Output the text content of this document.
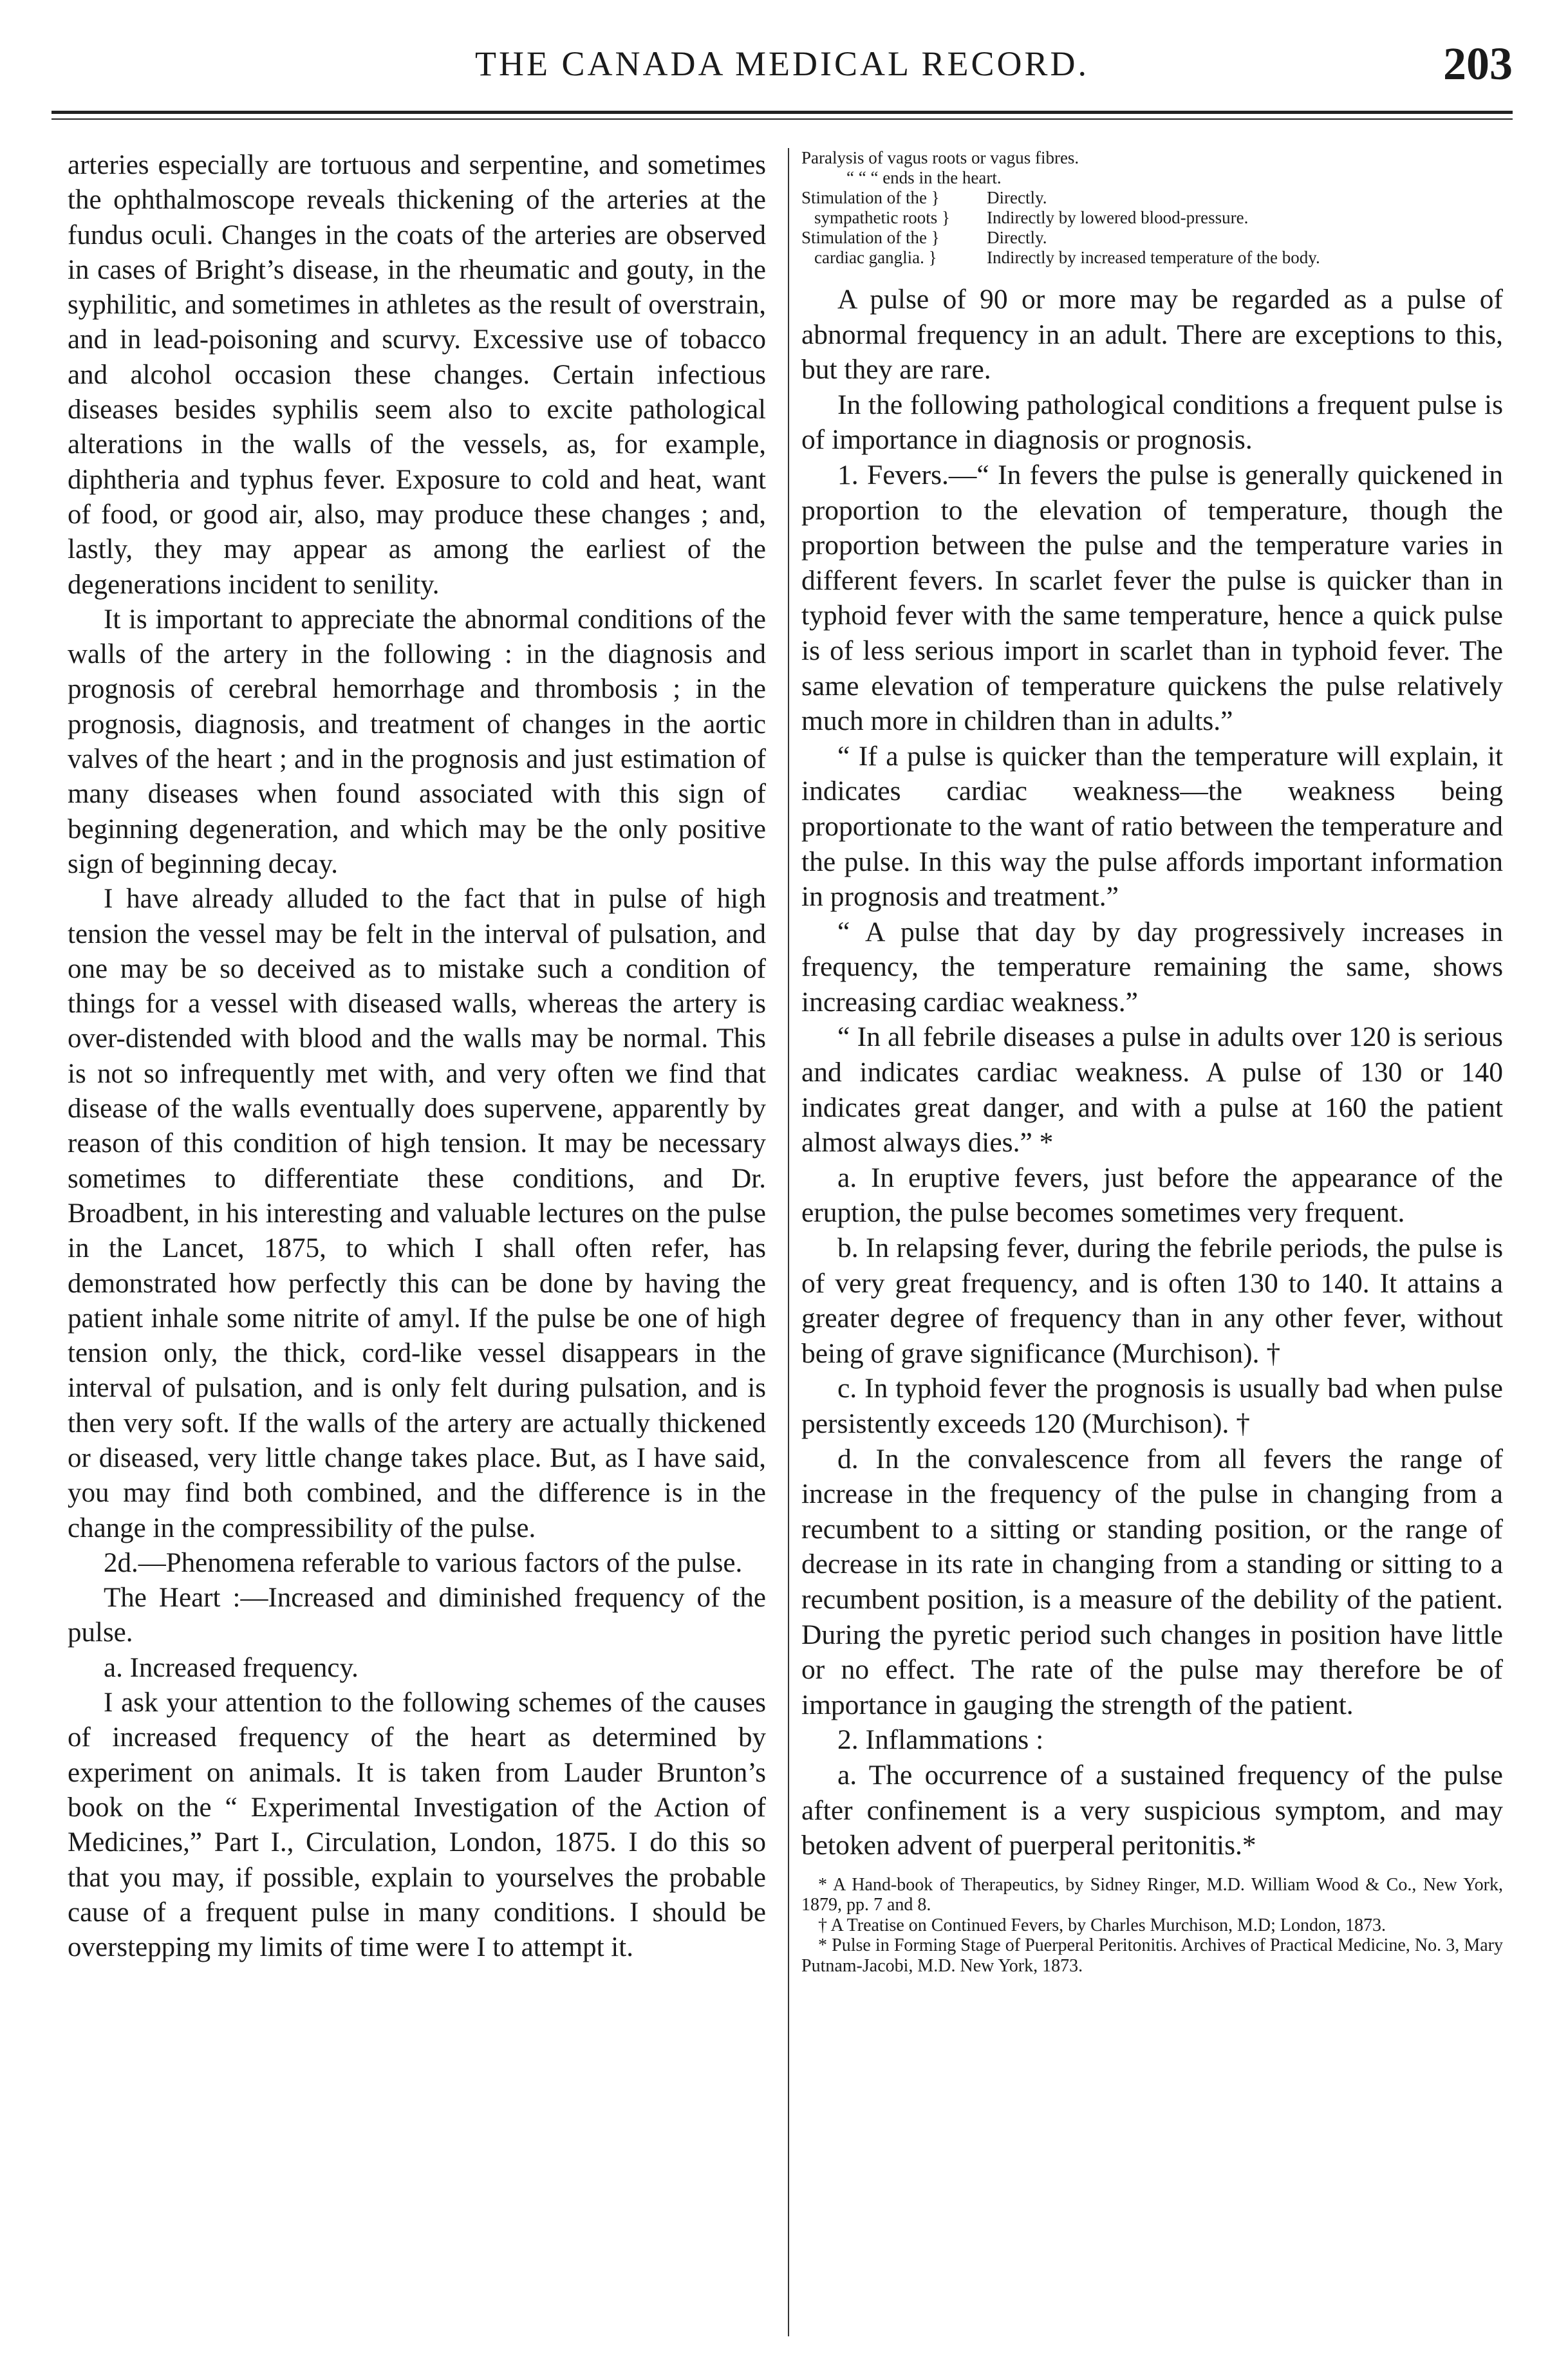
THE CANADA MEDICAL RECORD.	203

arteries especially are tortuous and serpentine, and sometimes the ophthalmoscope reveals thickening of the arteries at the fundus oculi. Changes in the coats of the arteries are observed in cases of Bright’s disease, in the rheumatic and gouty, in the syphilitic, and sometimes in athletes as the result of overstrain, and in lead-poisoning and scurvy. Excessive use of tobacco and alcohol occasion these changes. Certain infectious diseases besides syphilis seem also to excite pathological alterations in the walls of the vessels, as, for example, diphtheria and typhus fever. Exposure to cold and heat, want of food, or good air, also, may produce these changes ; and, lastly, they may appear as among the earliest of the degenerations incident to senility.

It is important to appreciate the abnormal conditions of the walls of the artery in the following : in the diagnosis and prognosis of cerebral hemorrhage and thrombosis ; in the prognosis, diagnosis, and treatment of changes in the aortic valves of the heart ; and in the prognosis and just estimation of many diseases when found associated with this sign of beginning degeneration, and which may be the only positive sign of beginning decay.

I have already alluded to the fact that in pulse of high tension the vessel may be felt in the interval of pulsation, and one may be so deceived as to mistake such a condition of things for a vessel with diseased walls, whereas the artery is over-distended with blood and the walls may be normal. This is not so infrequently met with, and very often we find that disease of the walls eventually does supervene, apparently by reason of this condition of high tension. It may be necessary sometimes to differentiate these conditions, and Dr. Broadbent, in his interesting and valuable lectures on the pulse in the Lancet, 1875, to which I shall often refer, has demonstrated how perfectly this can be done by having the patient inhale some nitrite of amyl. If the pulse be one of high tension only, the thick, cord-like vessel disappears in the interval of pulsation, and is only felt during pulsation, and is then very soft. If the walls of the artery are actually thickened or diseased, very little change takes place. But, as I have said, you may find both combined, and the difference is in the change in the compressibility of the pulse.

2d.—Phenomena referable to various factors of the pulse.

The Heart :—Increased and diminished frequency of the pulse.

a. Increased frequency.

I ask your attention to the following schemes of the causes of increased frequency of the heart as determined by experiment on animals. It is taken from Lauder Brunton’s book on the “ Experimental Investigation of the Action of Medicines,” Part I., Circulation, London, 1875. I do this so that you may, if possible, explain to yourselves the probable cause of a frequent pulse in many conditions. I should be overstepping my limits of time were I to attempt it.

Paralysis of vagus roots or vagus fibres.
“ “ “ ends in the heart.
Stimulation of the }	Directly.
sympathetic roots }	Indirectly by lowered blood-pressure.
Stimulation of the }	Directly.
cardiac ganglia. }	Indirectly by increased temperature of the body.

A pulse of 90 or more may be regarded as a pulse of abnormal frequency in an adult. There are exceptions to this, but they are rare.

In the following pathological conditions a frequent pulse is of importance in diagnosis or prognosis.

1. Fevers.—“ In fevers the pulse is generally quickened in proportion to the elevation of temperature, though the proportion between the pulse and the temperature varies in different fevers. In scarlet fever the pulse is quicker than in typhoid fever with the same temperature, hence a quick pulse is of less serious import in scarlet than in typhoid fever. The same elevation of temperature quickens the pulse relatively much more in children than in adults.”

“ If a pulse is quicker than the temperature will explain, it indicates cardiac weakness—the weakness being proportionate to the want of ratio between the temperature and the pulse. In this way the pulse affords important information in prognosis and treatment.”

“ A pulse that day by day progressively increases in frequency, the temperature remaining the same, shows increasing cardiac weakness.”

“ In all febrile diseases a pulse in adults over 120 is serious and indicates cardiac weakness. A pulse of 130 or 140 indicates great danger, and with a pulse at 160 the patient almost always dies.” *

a. In eruptive fevers, just before the appearance of the eruption, the pulse becomes sometimes very frequent.

b. In relapsing fever, during the febrile periods, the pulse is of very great frequency, and is often 130 to 140. It attains a greater degree of frequency than in any other fever, without being of grave significance (Murchison). †

c. In typhoid fever the prognosis is usually bad when pulse persistently exceeds 120 (Murchison). †

d. In the convalescence from all fevers the range of increase in the frequency of the pulse in changing from a recumbent to a sitting or standing position, or the range of decrease in its rate in changing from a standing or sitting to a recumbent position, is a measure of the debility of the patient. During the pyretic period such changes in position have little or no effect. The rate of the pulse may therefore be of importance in gauging the strength of the patient.

2. Inflammations :

a. The occurrence of a sustained frequency of the pulse after confinement is a very suspicious symptom, and may betoken advent of puerperal peritonitis.*

* A Hand-book of Therapeutics, by Sidney Ringer, M.D. William Wood & Co., New York, 1879, pp. 7 and 8.

† A Treatise on Continued Fevers, by Charles Murchison, M.D; London, 1873.

* Pulse in Forming Stage of Puerperal Peritonitis. Archives of Practical Medicine, No. 3, Mary Putnam-Jacobi, M.D. New York, 1873.
